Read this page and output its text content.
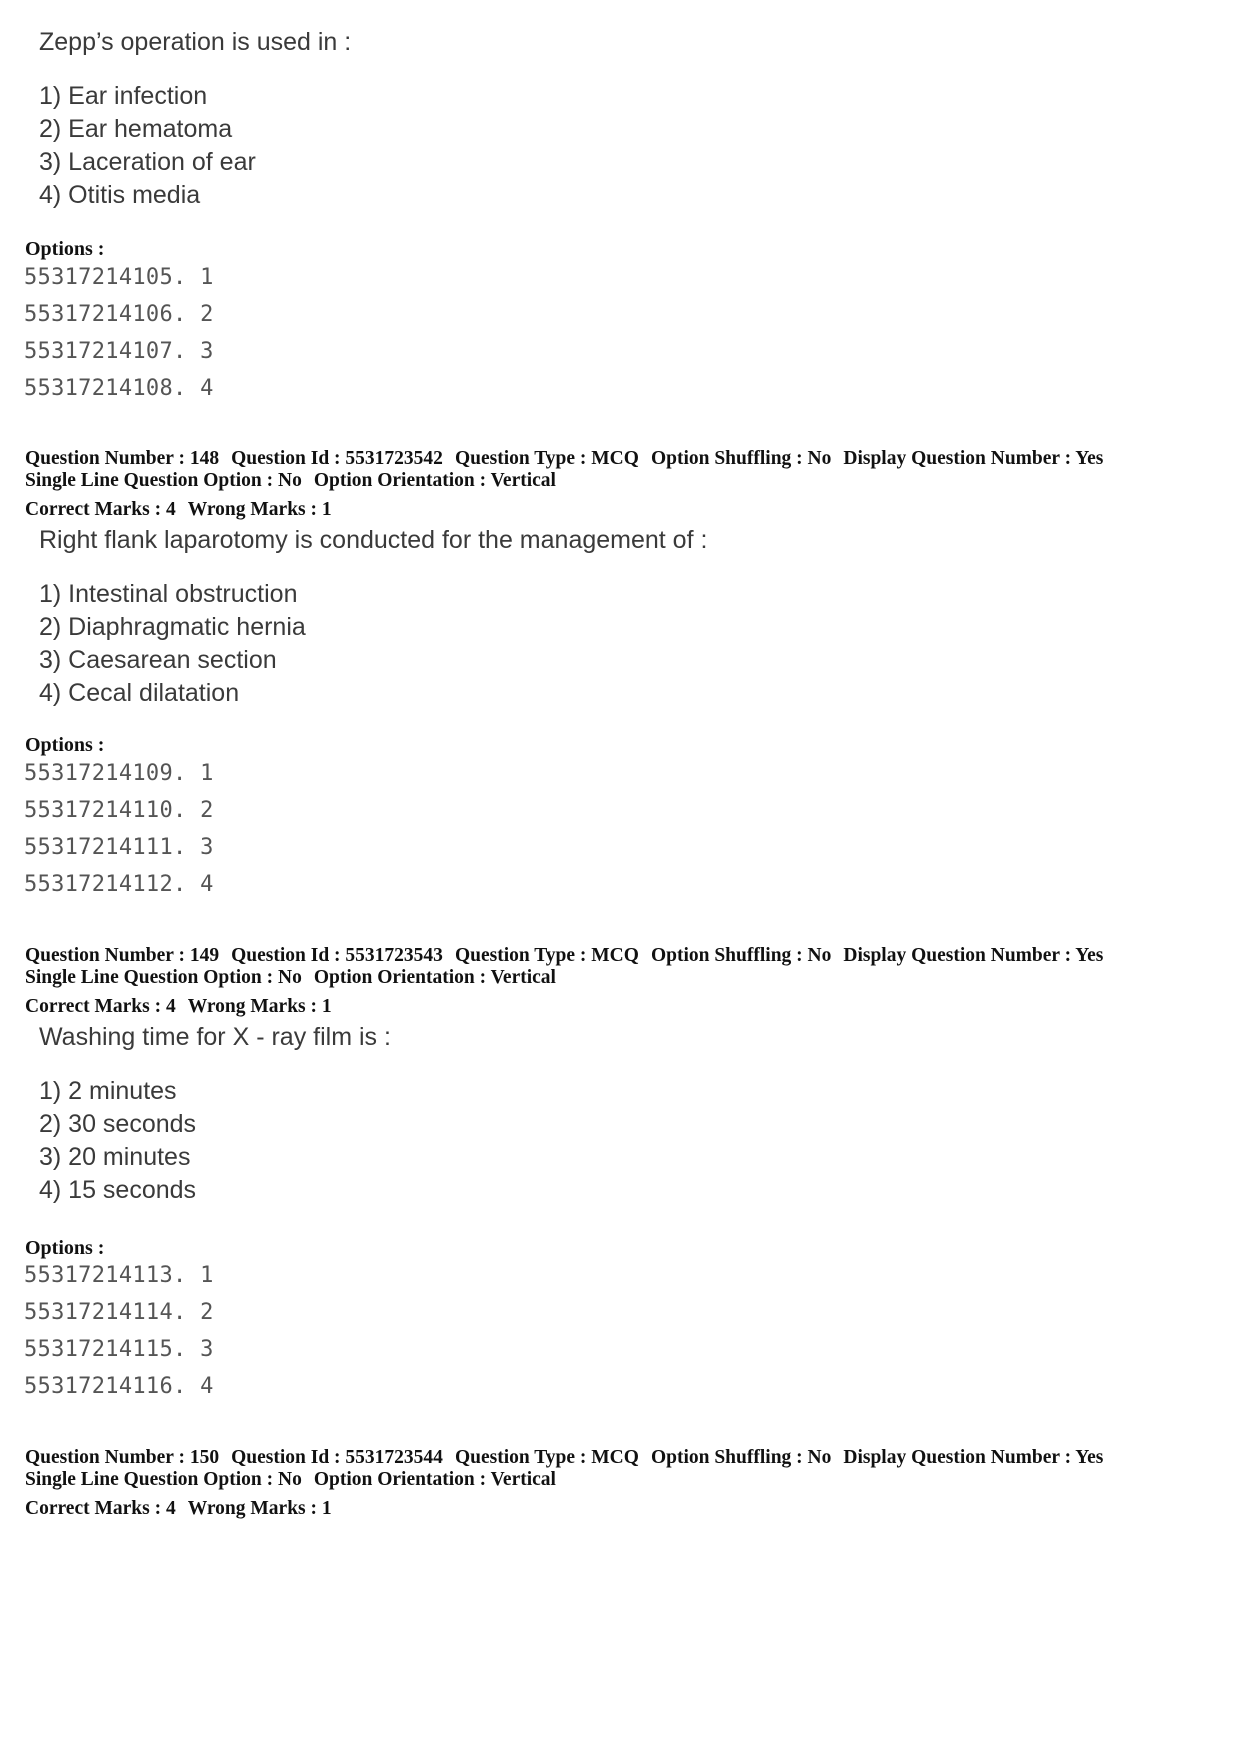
Zepp’s operation is used in :
1) Ear infection
2) Ear hematoma
3) Laceration of ear
4) Otitis media
Options :
55317214105. 1
55317214106. 2
55317214107. 3
55317214108. 4
Question Number : 148 Question Id : 5531723542 Question Type : MCQ Option Shuffling : No Display Question Number : Yes
Single Line Question Option : No Option Orientation : Vertical
Correct Marks : 4 Wrong Marks : 1
Right flank laparotomy is conducted for the management of :
1) Intestinal obstruction
2) Diaphragmatic hernia
3) Caesarean section
4) Cecal dilatation
Options :
55317214109. 1
55317214110. 2
55317214111. 3
55317214112. 4
Question Number : 149 Question Id : 5531723543 Question Type : MCQ Option Shuffling : No Display Question Number : Yes
Single Line Question Option : No Option Orientation : Vertical
Correct Marks : 4 Wrong Marks : 1
Washing time for X - ray film is :
1) 2 minutes
2) 30 seconds
3) 20 minutes
4) 15 seconds
Options :
55317214113. 1
55317214114. 2
55317214115. 3
55317214116. 4
Question Number : 150 Question Id : 5531723544 Question Type : MCQ Option Shuffling : No Display Question Number : Yes
Single Line Question Option : No Option Orientation : Vertical
Correct Marks : 4 Wrong Marks : 1
